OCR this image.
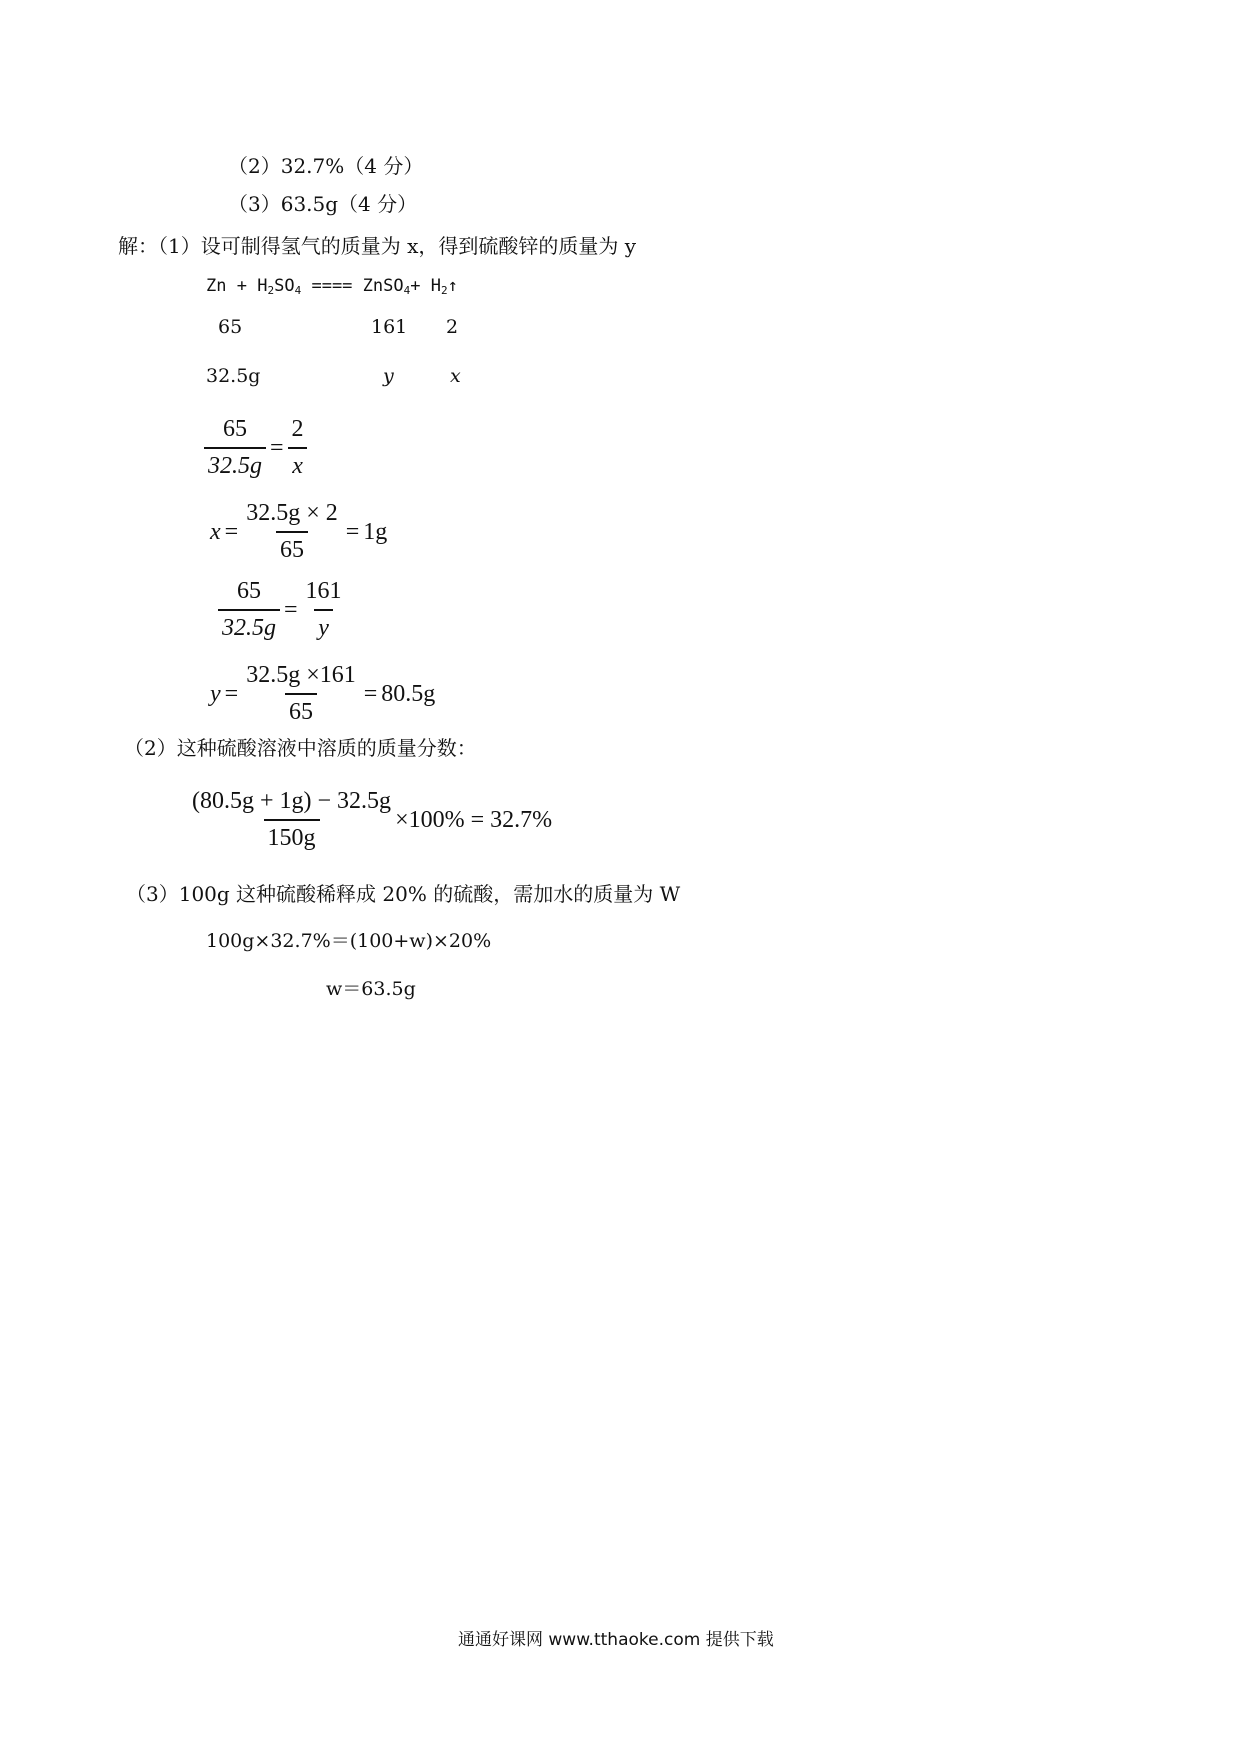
（2）32.7%（4 分）
（3）63.5g（4 分）
解：（1）设可制得氢气的质量为 x，得到硫酸锌的质量为 y
$Zn + H_2SO_4$ ==== ZnSO$_4$+ $H_2↑$
65	161 2
32.5g	y	x
$\frac{65}{32.5g} = \frac{2}{x}$
$x = \frac{32.5g \times 2}{65} = 1g$
$\frac{65}{32.5g} = \frac{161}{y}$
$y = \frac{32.5g \times 161}{65} = 80.5g$
（2）这种硫酸溶液中溶质的质量分数：
$\frac{(80.5g + 1g) - 32.5g}{150g} \times 100\% = 32.7\%$
（3）100g 这种硫酸稀释成 20% 的硫酸，需加水的质量为 W
100g×32.7%＝(100+w)×20%
w＝63.5g
通通好课网 www.tthaoke.com 提供下载
